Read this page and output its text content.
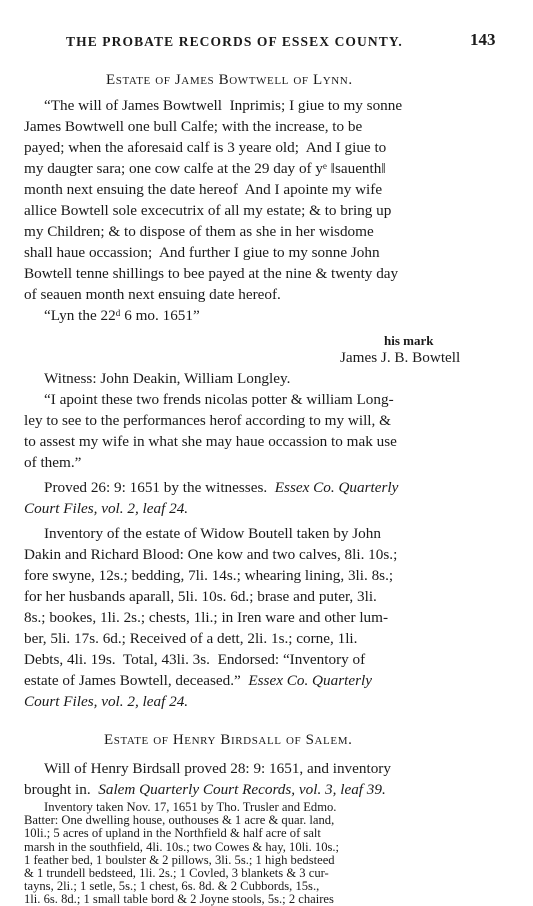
THE PROBATE RECORDS OF ESSEX COUNTY.	143
Estate of James Bowtwell of Lynn.
“The will of James Bowtwell  Inprimis; I giue to my sonne
James Bowtwell one bull Calfe; with the increase, to be
payed; when the aforesaid calf is 3 yeare old;  And I giue to
my daugter sara; one cow calfe at the 29 day of yᵉ ‖sauenth‖
month next ensuing the date hereof  And I apointe my wife
allice Bowtell sole excecutrix of all my estate; & to bring up
my Children; & to dispose of them as she in her wisdome
shall haue occassion;  And further I giue to my sonne John
Bowtell tenne shillings to bee payed at the nine & twenty day
of seauen month next ensuing date hereof.
“Lyn the 22ᵈ 6 mo. 1651”
his mark
James J. B. Bowtell
Witness: John Deakin, William Longley.
“I apoint these two frends nicolas potter & william Long-
ley to see to the performances herof according to my will, &
to assest my wife in what she may haue occassion to mak use
of them.”
Proved 26: 9: 1651 by the witnesses. Essex Co. Quarterly
Court Files, vol. 2, leaf 24.
Inventory of the estate of Widow Boutell taken by John
Dakin and Richard Blood: One kow and two calves, 8li. 10s.;
fore swyne, 12s.; bedding, 7li. 14s.; whearing lining, 3li. 8s.;
for her husbands aparall, 5li. 10s. 6d.; brase and puter, 3li.
8s.; bookes, 1li. 2s.; chests, 1li.; in Iren ware and other lum-
ber, 5li. 17s. 6d.; Received of a dett, 2li. 1s.; corne, 1li.
Debts, 4li. 19s.  Total, 43li. 3s.  Endorsed: “Inventory of
estate of James Bowtell, deceased.” Essex Co. Quarterly
Court Files, vol. 2, leaf 24.
Estate of Henry Birdsall of Salem.
Will of Henry Birdsall proved 28: 9: 1651, and inventory
brought in. Salem Quarterly Court Records, vol. 3, leaf 39.
Inventory taken Nov. 17, 1651 by Tho. Trusler and Edmo.
Batter: One dwelling house, outhouses & 1 acre & quar. land,
10li.; 5 acres of upland in the Northfield & half acre of salt
marsh in the southfield, 4li. 10s.; two Cowes & hay, 10li. 10s.;
1 feather bed, 1 boulster & 2 pillows, 3li. 5s.; 1 high bedsteed
& 1 trundell bedsteed, 1li. 2s.; 1 Covled, 3 blankets & 3 cur-
tayns, 2li.; 1 setle, 5s.; 1 chest, 6s. 8d. & 2 Cubbords, 15s.,
1li. 6s. 8d.; 1 small table bord & 2 Joyne stools, 5s.; 2 chaires
